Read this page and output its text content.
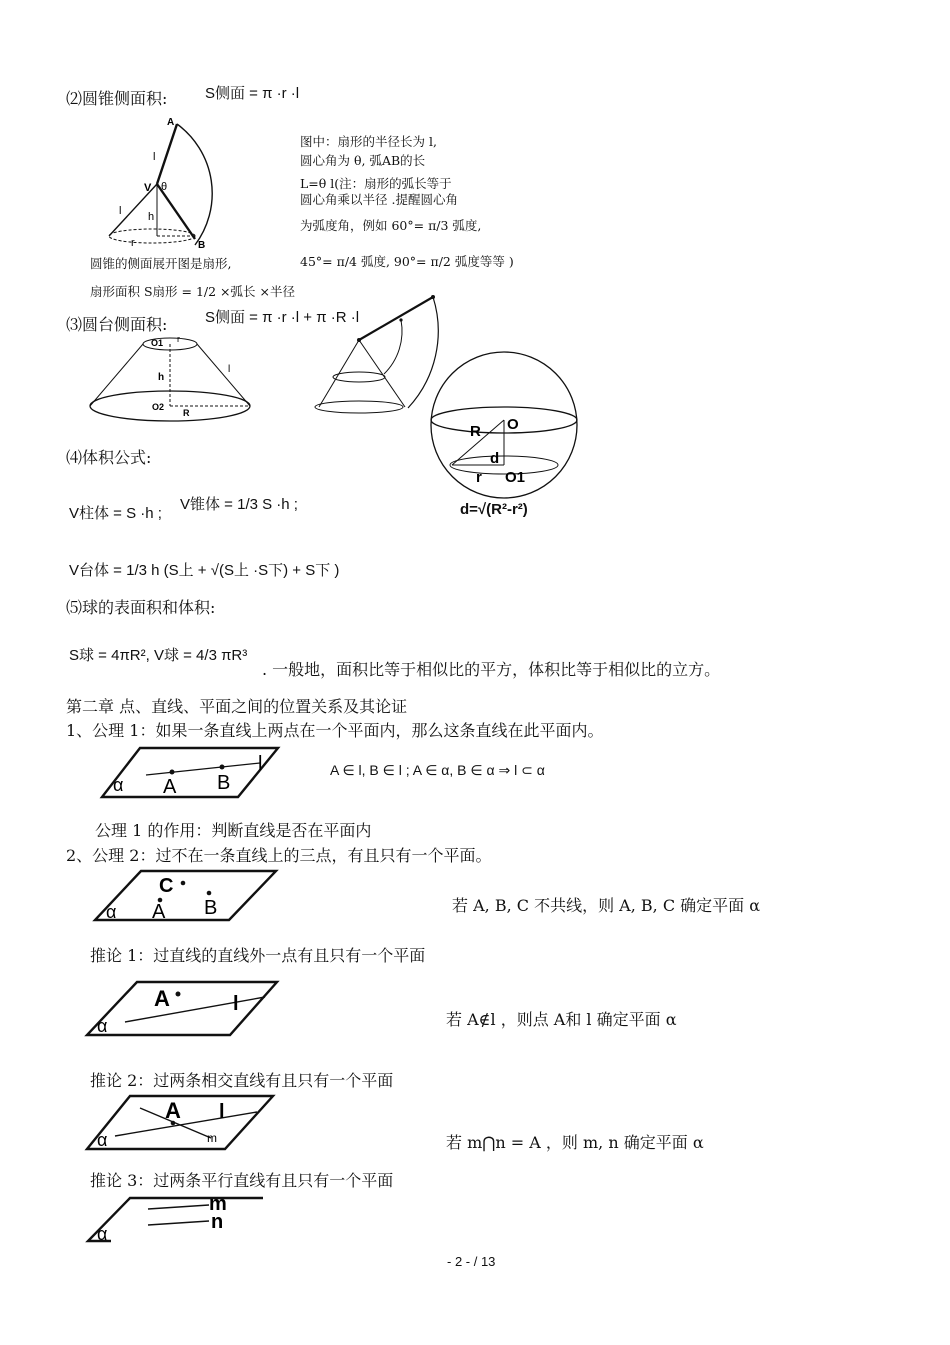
⑵圆锥侧面积:	S侧面 = π ·r ·l
A
l
V θ
l h
r	B
图中：扇形的半径长为 l,
圆心角为 θ, 弧AB的长
L=θ l(注：扇形的弧长等于
圆心角乘以半径 .提醒圆心角
为弧度角，例如 60°= π/3 弧度,
45°= π/4 弧度, 90°= π/2 弧度等等 )
圆锥的侧面展开图是扇形,
扇形面积 S扇形 = 1/2 ×弧长 ×半径
⑶圆台侧面积:	S侧面 = π ·r ·l + π ·R ·l
O1 r
h
l
O2
R
R O
d
r O1
d=√(R²-r²)
⑷体积公式:
V柱体 = S ·h ;
V锥体 = 1/3 S ·h ;
V台体 = 1/3 h (S上 + √(S上 ·S下) + S下 )
⑸球的表面积和体积:
S球 = 4πR², V球 = 4/3 πR³
. 一般地，面积比等于相似比的平方，体积比等于相似比的立方。
第二章 点、直线、平面之间的位置关系及其论证
1、公理 1：如果一条直线上两点在一个平面内，那么这条直线在此平面内。
l
α A B
A ∈ l, B ∈ l ; A ∈ α, B ∈ α ⇒ l ⊂ α
公理 1 的作用：判断直线是否在平面内
2、公理 2：过不在一条直线上的三点，有且只有一个平面。
C
α A B	若 A, B, C 不共线，则 A, B, C 确定平面 α
推论 1：过直线的直线外一点有且只有一个平面
A	l
α	若 A∉l ，则点 A和 l 确定平面 α
推论 2：过两条相交直线有且只有一个平面
A l
α	m	若 m⋂n = A ，则 m, n 确定平面 α
推论 3：过两条平行直线有且只有一个平面
m
n
α
- 2 - / 13
